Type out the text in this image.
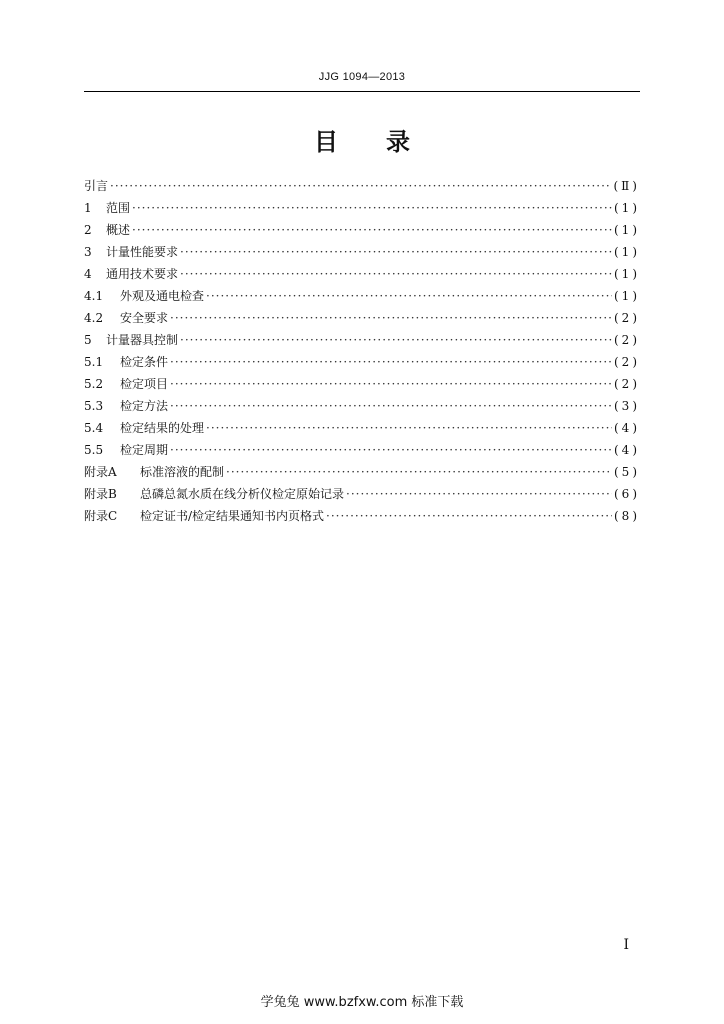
JJG 1094—2013
目 录
引言 ·····	(Ⅱ)
1	范围 ·····	(1)
2	概述 ·····	(1)
3	计量性能要求 ·····	(1)
4	通用技术要求 ·····	(1)
4.1	外观及通电检查 ·····	(1)
4.2	安全要求 ·····	(2)
5	计量器具控制 ·····	(2)
5.1	检定条件 ·····	(2)
5.2	检定项目 ·····	(2)
5.3	检定方法 ·····	(3)
5.4	检定结果的处理 ·····	(4)
5.5	检定周期 ·····	(4)
附录A	标准溶液的配制 ·····	(5)
附录B	总磷总氮水质在线分析仪检定原始记录 ·····	(6)
附录C	检定证书/检定结果通知书内页格式 ·····	(8)
I
学兔兔 www.bzfxw.com 标准下载
